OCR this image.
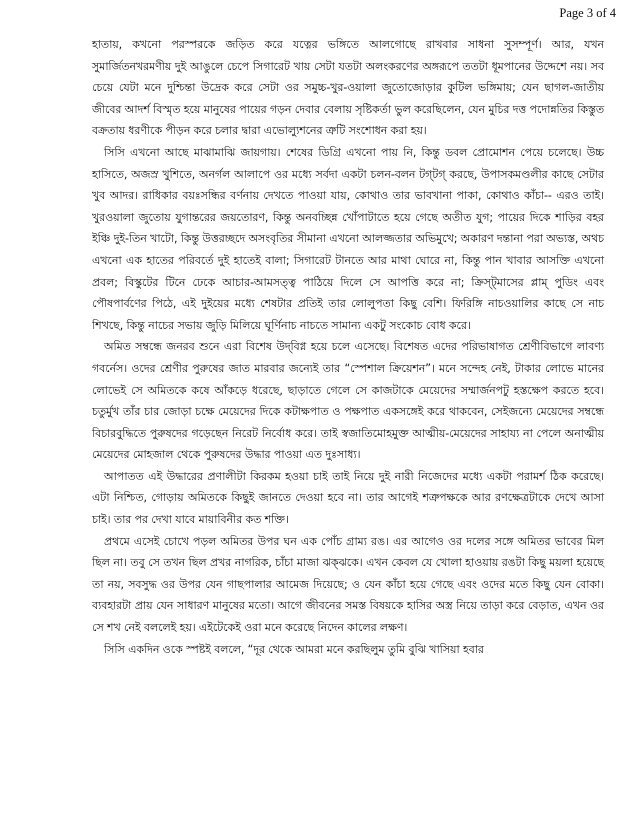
Page 3 of 4

হাতায়, কখনো পরস্পরকে জড়িত করে যত্নের ভঙ্গিতে আলগোছে রাখবার সাধনা সুসম্পূর্ণ। আর, যখন সুমার্জিতনখরমণীয় দুই আঙুলে চেপে সিগারেট খায় সেটা যতটা অলংকরণের অঙ্গরূপে ততটা ধূমপানের উদ্দেশে নয়। সব চেয়ে যেটা মনে দুশ্চিন্তা উদ্রেক করে সেটা ওর সমুচ্চ-খুর-ওয়ালা জুতোজোড়ার কুটিল ভঙ্গিমায়; যেন ছাগল-জাতীয় জীবের আদর্শ বিস্মৃত হয়ে মানুষের পায়ের গড়ন দেবার বেলায় সৃষ্টিকর্তা ভুল করেছিলেন, যেন মুচির দত্ত পদোন্নতির কিস্তুত বক্রতায় ধরণীকে পীড়ন করে চলার দ্বারা এভোল্যুশনের ত্রুটি সংশোধন করা হয়।

সিসি এখনো আছে মাঝামাঝি জায়গায়। শেষের ডিগ্রি এখনো পায় নি, কিন্তু ডবল প্রোমোশন পেয়ে চলেছে। উচ্চ হাসিতে, অজস্র খুশিতে, অনর্গল আলাপে ওর মধ্যে সর্বদা একটা চলন-বলন টগ্‌টগ্‌ করছে, উপাসকমণ্ডলীর কাছে সেটার খুব আদর। রাধিকার বয়ঃসন্ধির বর্ণনায় দেখতে পাওয়া যায়, কোথাও তার ভাবখানা পাকা, কোথাও কাঁচা-- এরও তাই। খুরওয়ালা জুতোয় যুগান্তরের জয়তোরণ, কিন্তু অনবচ্ছিন্ন খোঁপাটাতে হয়ে গেছে অতীত যুগ; পায়ের দিকে শাড়ির বহর ইঞ্চি দুই-তিন খাটো, কিন্তু উত্তরচ্ছদে অসংবৃতির সীমানা এখনো আলজ্জতার অভিমুখে; অকারণ দন্তানা পরা অভ্যস্ত, অথচ এখনো এক হাতের পরিবর্তে দুই হাতেই বালা; সিগারেট টানতে আর মাথা ঘোরে না, কিন্তু পান খাবার আসক্তি এখনো প্রবল; বিস্কুটের টিনে ঢেকে আচার-আমসত্ত্ব পাঠিয়ে দিলে সে আপত্তি করে না; ক্রিস্‌ট্‌মাসের প্লাম্ পুডিং এবং পৌষপার্বণের পিঠে, এই দুইয়ের মধ্যে শেষটার প্রতিই তার লোলুপতা কিছু বেশি। ফিরিঙ্গি নাচওয়ালির কাছে সে নাচ শিখছে, কিন্তু নাচের সভায় জুড়ি মিলিয়ে ঘূর্ণিনাচ নাচতে সামান্য একটু সংকোচ বোধ করে।

অমিত সম্বন্ধে জনরব শুনে এরা বিশেষ উদ্‌বিগ্ন হয়ে চলে এসেছে। বিশেষত এদের পরিভাষাগত শ্রেণীবিভাগে লাবণ্য গবর্নেস। ওদের শ্রেণীর পুরুষের জাত মারবার জন্যেই তার “স্পেশাল ক্রিয়েশন”। মনে সন্দেহ নেই, টাকার লোভে মানের লোভেই সে অমিতকে কষে আঁকড়ে ধরেছে, ছাড়াতে গেলে সে কাজটাকে মেয়েদের সম্মার্জনপটু হস্তক্ষেপ করতে হবে। চতুর্মুখ তাঁর চার জোড়া চক্ষে মেয়েদের দিকে কটাক্ষপাত ও পক্ষপাত একসঙ্গেই করে থাকবেন, সেইজন্যে মেয়েদের সম্বন্ধে বিচারবুদ্ধিতে পুরুষদের গড়েছেন নিরেট নির্বোধ করে। তাই স্বজাতিমোহমুক্ত আত্মীয়-মেয়েদের সাহায্য না পেলে অনাত্মীয় মেয়েদের মোহজাল থেকে পুরুষদের উদ্ধার পাওয়া এত দুঃসাধ্য।

আপাতত এই উদ্ধারের প্রণালীটা কিরকম হওয়া চাই তাই নিয়ে দুই নারী নিজেদের মধ্যে একটা পরামর্শ ঠিক করেছে। এটা নিশ্চিত, গোড়ায় অমিতকে কিছুই জানতে দেওয়া হবে না। তার আগেই শত্রুপক্ষকে আর রণক্ষেত্রটাকে দেখে আসা চাই। তার পর দেখা যাবে মায়াবিনীর কত শক্তি।

প্রথমে এসেই চোখে পড়ল অমিতর উপর ঘন এক পোঁচ গ্রাম্য রঙ। এর আগেও ওর দলের সঙ্গে অমিতর ভাবের মিল ছিল না। তবু সে তখন ছিল প্রখর নাগরিক, চাঁচা মাজা ঝক্‌ঝকে। এখন কেবল যে খোলা হাওয়ায় রঙটা কিছু ময়লা হয়েছে তা নয়, সবসুদ্ধ ওর উপর যেন গাছপালার আমেজ দিয়েছে; ও যেন কাঁচা হয়ে গেছে এবং ওদের মতে কিছু যেন বোকা। ব্যবহারটা প্রায় যেন সাধারণ মানুষের মতো। আগে জীবনের সমস্ত বিষয়কে হাসির অস্ত্র নিয়ে তাড়া করে বেড়াত, এখন ওর সে শখ নেই বললেই হয়। এইটেকেই ওরা মনে করেছে নিদেন কালের লক্ষণ।

সিসি একদিন ওকে স্পষ্টই বললে, “দূর থেকে আমরা মনে করছিলুম তুমি বুঝি খাসিয়া হবার
